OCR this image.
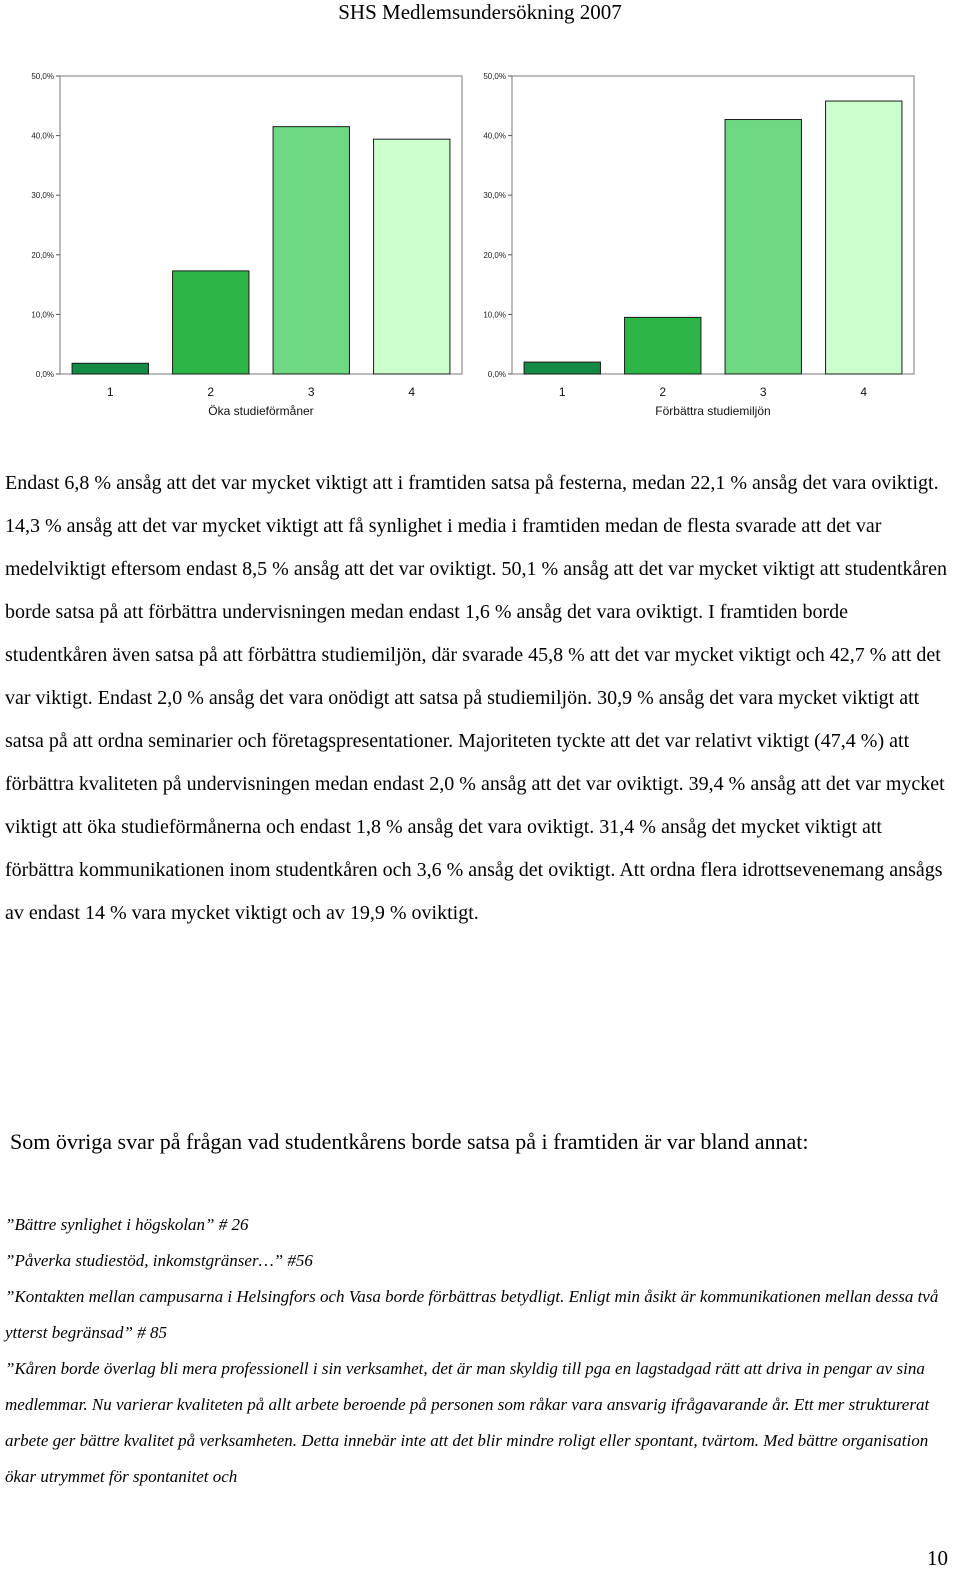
SHS Medlemsundersökning 2007
0,0%
10,0%
20,0%
30,0%
40,0%
50,0%
1	2	3	4
Öka studieförmåner
0,0%
10,0%
20,0%
30,0%
40,0%
50,0%
1	2	3	4
Förbättra studiemiljön

Endast 6,8 % ansåg att det var mycket viktigt att i framtiden satsa på festerna, medan 22,1 % ansåg det vara oviktigt. 14,3 % ansåg att det var mycket viktigt att få synlighet i media i framtiden medan de flesta svarade att det var medelviktigt eftersom endast 8,5 % ansåg att det var oviktigt. 50,1 % ansåg att det var mycket viktigt att studentkåren borde satsa på att förbättra undervisningen medan endast 1,6 % ansåg det vara oviktigt. I framtiden borde studentkåren även satsa på att förbättra studiemiljön, där svarade 45,8 % att det var mycket viktigt och 42,7 % att det var viktigt. Endast 2,0 % ansåg det vara onödigt att satsa på studiemiljön. 30,9 % ansåg det vara mycket viktigt att satsa på att ordna seminarier och företagspresentationer. Majoriteten tyckte att det var relativt viktigt (47,4 %) att förbättra kvaliteten på undervisningen medan endast 2,0 % ansåg att det var oviktigt. 39,4 % ansåg att det var mycket viktigt att öka studieförmånerna och endast 1,8 % ansåg det vara oviktigt. 31,4 % ansåg det mycket viktigt att förbättra kommunikationen inom studentkåren och 3,6 % ansåg det oviktigt. Att ordna flera idrottsevenemang ansågs av endast 14 % vara mycket viktigt och av 19,9 % oviktigt.

Som övriga svar på frågan vad studentkårens borde satsa på i framtiden är var bland annat:

”Bättre synlighet i högskolan” # 26

”Påverka studiestöd, inkomstgränser…” #56

”Kontakten mellan campusarna i Helsingfors och Vasa borde förbättras betydligt. Enligt min åsikt är kommunikationen mellan dessa två ytterst begränsad” # 85

”Kåren borde överlag bli mera professionell i sin verksamhet, det är man skyldig till pga en lagstadgad rätt att driva in pengar av sina medlemmar. Nu varierar kvaliteten på allt arbete beroende på personen som råkar vara ansvarig ifrågavarande år. Ett mer strukturerat arbete ger bättre kvalitet på verksamheten. Detta innebär inte att det blir mindre roligt eller spontant, tvärtom. Med bättre organisation ökar utrymmet för spontanitet och

10
